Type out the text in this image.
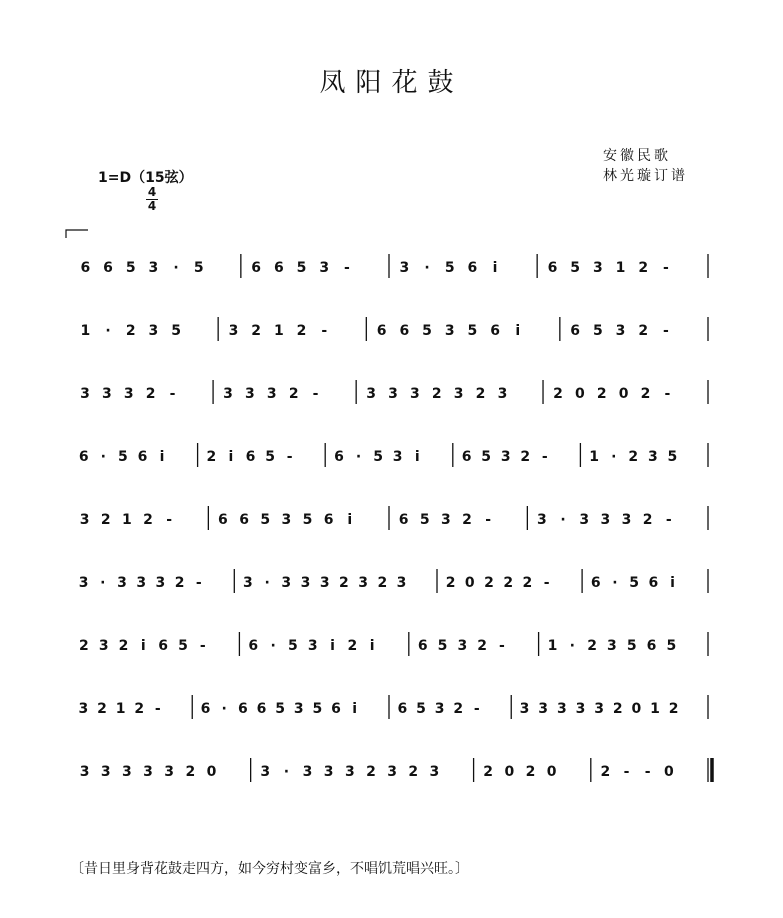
凤阳花鼓
安徽民歌
林光璇订谱
1=D（15弦）
4
4
6 6 5 3 · 5	6 6 5 3 -	3 · 5 6 i	6 5 3 1 2 -
1 · 2 3 5	3 2 1 2 -	6 6 5 3 5 6 i	6 5 3 2 -
3 3 3 2 -	3 3 3 2 -	3 3 3 2 3 2 3	2 0 2 0 2 -
6 · 5 6 i	2 i 6 5 -	6 · 5 3 i	6 5 3 2 -	1 · 2 3 5
3 2 1 2 -	6 6 5 3 5 6 i	6 5 3 2 -	3 · 3 3 3 2 -
3 · 3 3 3 2 -	3 · 3 3 3 2 3 2 3	2 0 2 2 2 -	6 · 5 6 i
2 3 2 i 6 5 -	6 · 5 3 i 2 i	6 5 3 2 -	1 · 2 3 5 6 5
3 2 1 2 -	6 · 6 6 5 3 5 6 i	6 5 3 2 -	3 3 3 3 3 2 0 1 2
3 3 3 3 3 2 0	3 · 3 3 3 2 3 2 3	2 0 2 0	2 - - 0
〔昔日里身背花鼓走四方，如今穷村变富乡，不唱饥荒唱兴旺。〕
